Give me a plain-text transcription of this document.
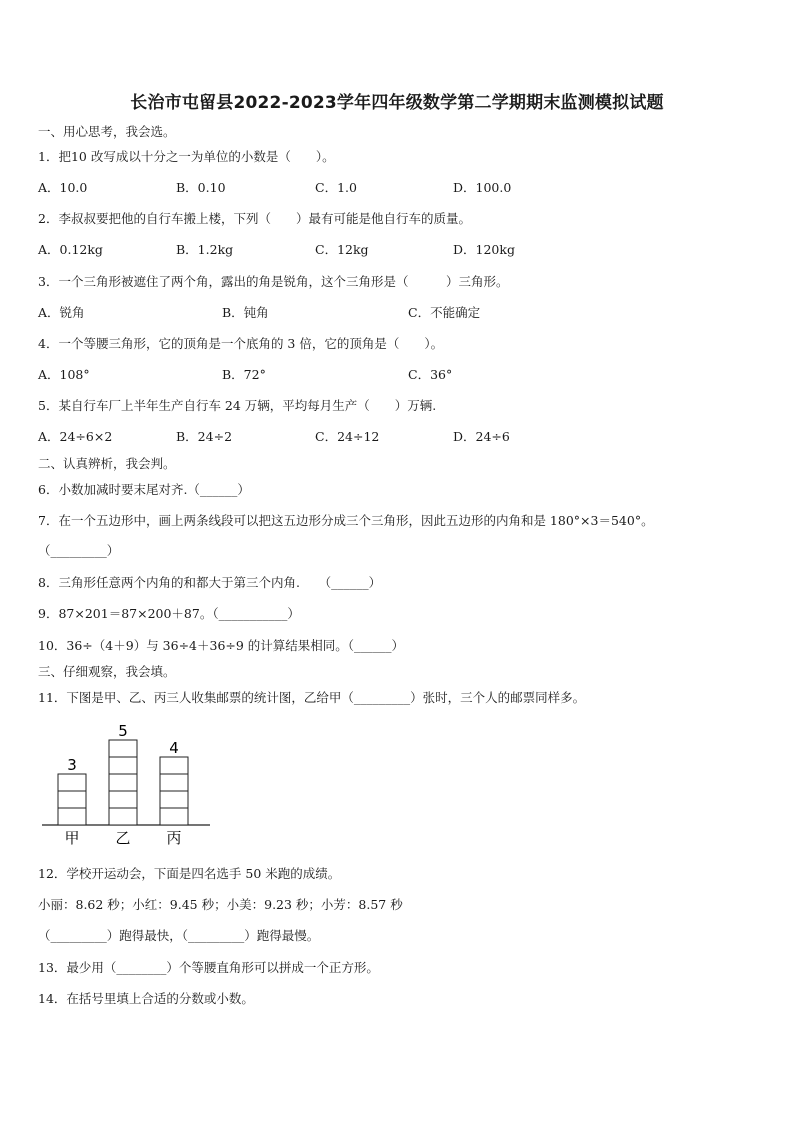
长治市屯留县2022-2023学年四年级数学第二学期期末监测模拟试题
一、用心思考，我会选。
1．把10 改写成以十分之一为单位的小数是（　　）。
A．10.0	B．0.10	C．1.0	D．100.0
2．李叔叔要把他的自行车搬上楼，下列（　　）最有可能是他自行车的质量。
A．0.12kg	B．1.2kg	C．12kg	D．120kg
3．一个三角形被遮住了两个角，露出的角是锐角，这个三角形是（　　　）三角形。
A．锐角	B．钝角	C．不能确定
4．一个等腰三角形，它的顶角是一个底角的 3 倍，它的顶角是（　　）。
A．108°	B．72°	C．36°
5．某自行车厂上半年生产自行车 24 万辆，平均每月生产（　　）万辆.
A．24÷6×2	B．24÷2	C．24÷12	D．24÷6
二、认真辨析，我会判。
6．小数加减时要末尾对齐.（______）
7．在一个五边形中，画上两条线段可以把这五边形分成三个三角形，因此五边形的内角和是 180°×3＝540°。
（_________）
8．三角形任意两个内角的和都大于第三个内角.　　（______）
9．87×201＝87×200＋87。（___________）
10．36÷（4＋9）与 36÷4＋36÷9 的计算结果相同。（______）
三、仔细观察，我会填。
11．下图是甲、乙、丙三人收集邮票的统计图，乙给甲（_________）张时，三个人的邮票同样多。
3
甲
5
乙
4
丙
12．学校开运动会，下面是四名选手 50 米跑的成绩。
小丽：8.62 秒；小红：9.45 秒；小美：9.23 秒；小芳：8.57 秒
（_________）跑得最快，（_________）跑得最慢。
13．最少用（________）个等腰直角形可以拼成一个正方形。
14．在括号里填上合适的分数或小数。
